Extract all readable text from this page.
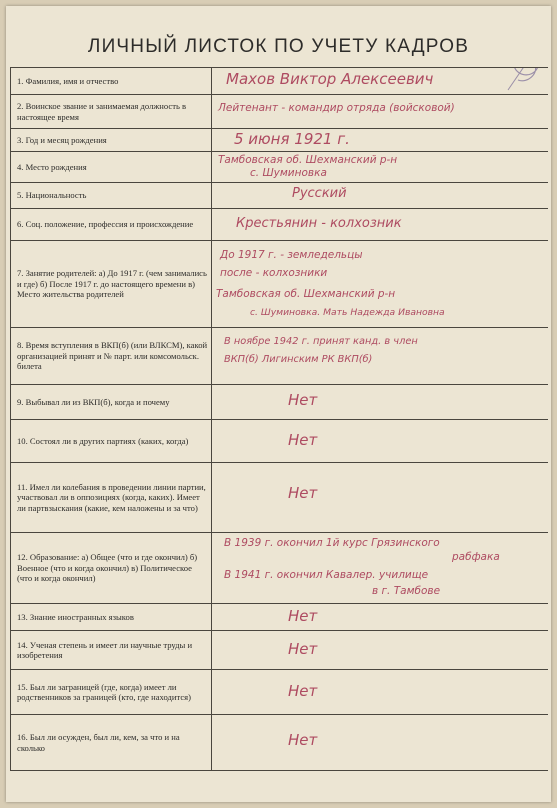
ЛИЧНЫЙ ЛИСТОК ПО УЧЕТУ КАДРОВ
1. Фамилия, имя и отчество	Махов Виктор Алексеевич
2. Воинское звание и занимаемая должность в настоящее время
Лейтенант - командир отряда (войсковой)
3. Год и месяц рождения	5 июня 1921 г.
4. Место рождения
Тамбовская об. Шехманский р-н
с. Шуминовка
5. Национальность	Русский
6. Соц. положение, профессия и происхождение	Крестьянин - колхозник
7. Занятие родителей: а) До 1917 г. (чем занимались и где) б) После 1917 г. до настоящего времени в) Место жительства родителей
До 1917 г. - земледельцы
после - колхозники
Тамбовская об. Шехманский р-н
с. Шуминовка. Мать Надежда Ивановна
8. Время вступления в ВКП(б) (или ВЛКСМ), какой организацией принят и № парт. или комсомольск. билета
В ноябре 1942 г. принят канд. в член
ВКП(б) Лигинским РК ВКП(б)
9. Выбывал ли из ВКП(б), когда и почему	Нет
10. Состоял ли в других партиях (каких, когда)	Нет
11. Имел ли колебания в проведении линии партии, участвовал ли в оппозициях (когда, каких). Имеет ли партвзыскания (какие, кем наложены и за что)
Нет
12. Образование: а) Общее (что и где окончил) б) Военное (что и когда окончил) в) Политическое (что и когда окончил)
В 1939 г. окончил 1й курс Грязинского
рабфака
В 1941 г. окончил Кавалер. училище
в г. Тамбове
13. Знание иностранных языков	Нет
14. Ученая степень и имеет ли научные труды и изобретения	Нет
15. Был ли заграницей (где, когда) имеет ли родственников за границей (кто, где находится)	Нет
16. Был ли осужден, был ли, кем, за что и на сколько	Нет
